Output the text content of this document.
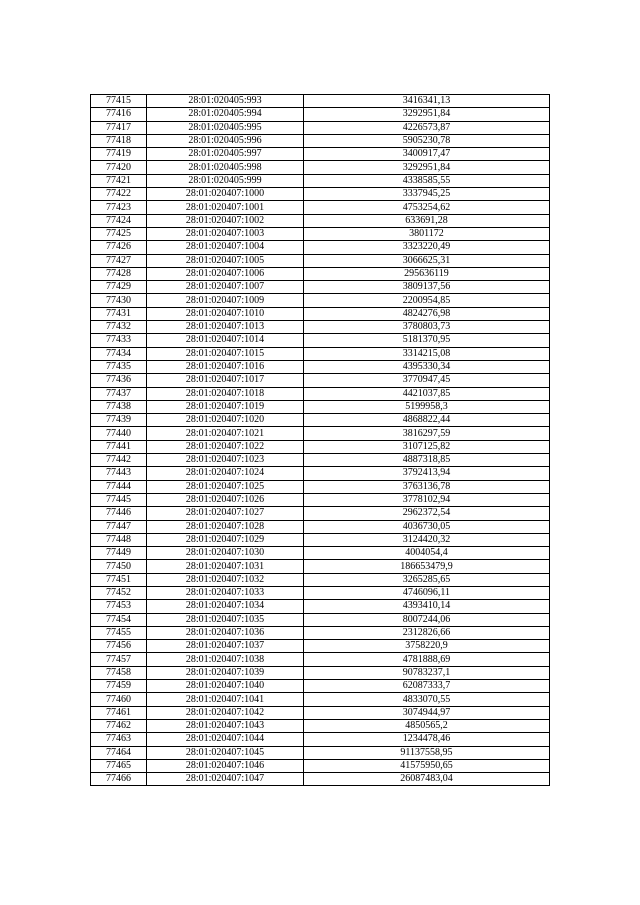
77415	28:01:020405:993	3416341,13
77416	28:01:020405:994	3292951,84
77417	28:01:020405:995	4226573,87
77418	28:01:020405:996	5905230,78
77419	28:01:020405:997	3400917,47
77420	28:01:020405:998	3292951,84
77421	28:01:020405:999	4338585,55
77422	28:01:020407:1000	3337945,25
77423	28:01:020407:1001	4753254,62
77424	28:01:020407:1002	633691,28
77425	28:01:020407:1003	3801172
77426	28:01:020407:1004	3323220,49
77427	28:01:020407:1005	3066625,31
77428	28:01:020407:1006	295636119
77429	28:01:020407:1007	3809137,56
77430	28:01:020407:1009	2200954,85
77431	28:01:020407:1010	4824276,98
77432	28:01:020407:1013	3780803,73
77433	28:01:020407:1014	5181370,95
77434	28:01:020407:1015	3314215,08
77435	28:01:020407:1016	4395330,34
77436	28:01:020407:1017	3770947,45
77437	28:01:020407:1018	4421037,85
77438	28:01:020407:1019	5199958,3
77439	28:01:020407:1020	4868822,44
77440	28:01:020407:1021	3816297,59
77441	28:01:020407:1022	3107125,82
77442	28:01:020407:1023	4887318,85
77443	28:01:020407:1024	3792413,94
77444	28:01:020407:1025	3763136,78
77445	28:01:020407:1026	3778102,94
77446	28:01:020407:1027	2962372,54
77447	28:01:020407:1028	4036730,05
77448	28:01:020407:1029	3124420,32
77449	28:01:020407:1030	4004054,4
77450	28:01:020407:1031	186653479,9
77451	28:01:020407:1032	3265285,65
77452	28:01:020407:1033	4746096,11
77453	28:01:020407:1034	4393410,14
77454	28:01:020407:1035	8007244,06
77455	28:01:020407:1036	2312826,66
77456	28:01:020407:1037	3758220,9
77457	28:01:020407:1038	4781888,69
77458	28:01:020407:1039	90783237,1
77459	28:01:020407:1040	62087333,7
77460	28:01:020407:1041	4833070,55
77461	28:01:020407:1042	3074944,97
77462	28:01:020407:1043	4850565,2
77463	28:01:020407:1044	1234478,46
77464	28:01:020407:1045	91137558,95
77465	28:01:020407:1046	41575950,65
77466	28:01:020407:1047	26087483,04
